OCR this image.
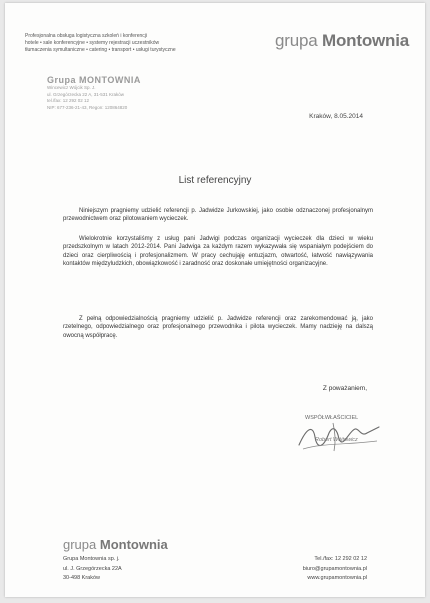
Profesjonalna obsługa logistyczna szkoleń i konferencji
hotele • sale konferencyjne • systemy rejestracji uczestników
tłumaczenia symultaniczne • catering • transport • usługi turystyczne	grupa Montownia
Grupa MONTOWNIA
Wincewicz Wójcik Sp. J.
ul. Grzegórzecka 22 A, 31-531 Kraków
tel./fax: 12 292 02 12
NIP: 677-236-21-43, Regon: 120864820
Kraków, 8.05.2014
List referencyjny
Niniejszym pragniemy udzielić referencji p. Jadwidze Jurkowskiej, jako osobie odznaczonej profesjonalnym przewodnictwem oraz pilotowaniem wycieczek.
Wielokrotnie korzystaliśmy z usług pani Jadwigi podczas organizacji wycieczek dla dzieci w wieku przedszkolnym w latach 2012-2014. Pani Jadwiga za każdym razem wykazywała się wspaniałym podejściem do dzieci oraz cierpliwością i profesjonalizmem. W pracy cechująję entuzjazm, otwartość, łatwość nawiązywania kontaktów międzyludzkich, obowiązkowość i zaradność oraz doskonałe umiejętności organizacyjne.
Z pełną odpowiedzialnością pragniemy udzielić p. Jadwidze referencji oraz zarekomendować ją, jako rzetelnego, odpowiedzialnego oraz profesjonalnego przewodnika i pilota wycieczek. Mamy nadzieję na dalszą owocną współpracę.
Z poważaniem,
WSPÓŁWŁAŚCICIEL
Robert Wójtowicz
grupa Montownia
Grupa Montownia sp. j.
ul. J. Grzegórzecka 22A
30-498 Kraków
Tel./fax: 12 292 02 12
biuro@grupamontownia.pl
www.grupamontownia.pl
